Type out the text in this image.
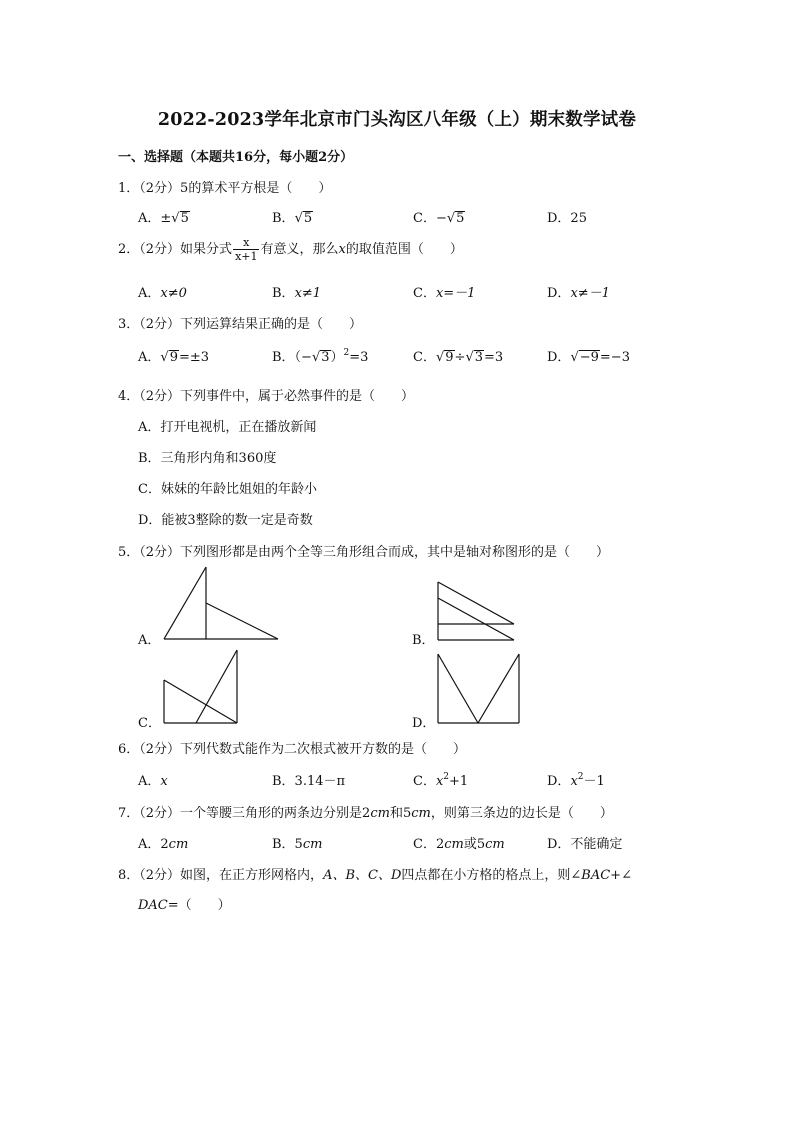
2022-2023学年北京市门头沟区八年级（上）期末数学试卷
一、选择题（本题共16分，每小题2分）
1．（2分）5的算术平方根是（　　）
A．±√5	B．√5	C．−√5	D．25
2．（2分）如果分式 $\frac{x}{x+1}$ 有意义，那么x的取值范围（　　）
A．x≠0	B．x≠1	C．x=－1	D．x≠－1
3．（2分）下列运算结果正确的是（　　）
A．√9=±3	B．$(-√3)^2=3$	C．√9÷√3=3	D．√−9=−3
4．（2分）下列事件中，属于必然事件的是（　　）
A．打开电视机，正在播放新闻
B．三角形内角和360度
C．妹妹的年龄比姐姐的年龄小
D．能被3整除的数一定是奇数
5．（2分）下列图形都是由两个全等三角形组合而成，其中是轴对称图形的是（　　）
A．	B．
C．	D．
6．（2分）下列代数式能作为二次根式被开方数的是（　　）
A．x	B．3.14－π	C．$x^2+1$	D．$x^2-1$
7．（2分）一个等腰三角形的两条边分别是2cm和5cm，则第三条边的边长是（　　）
A．2cm	B．5cm	C．2cm或5cm	D．不能确定
8．（2分）如图，在正方形网格内，A、B、C、D四点都在小方格的格点上，则∠BAC+∠
DAC=（　　）
